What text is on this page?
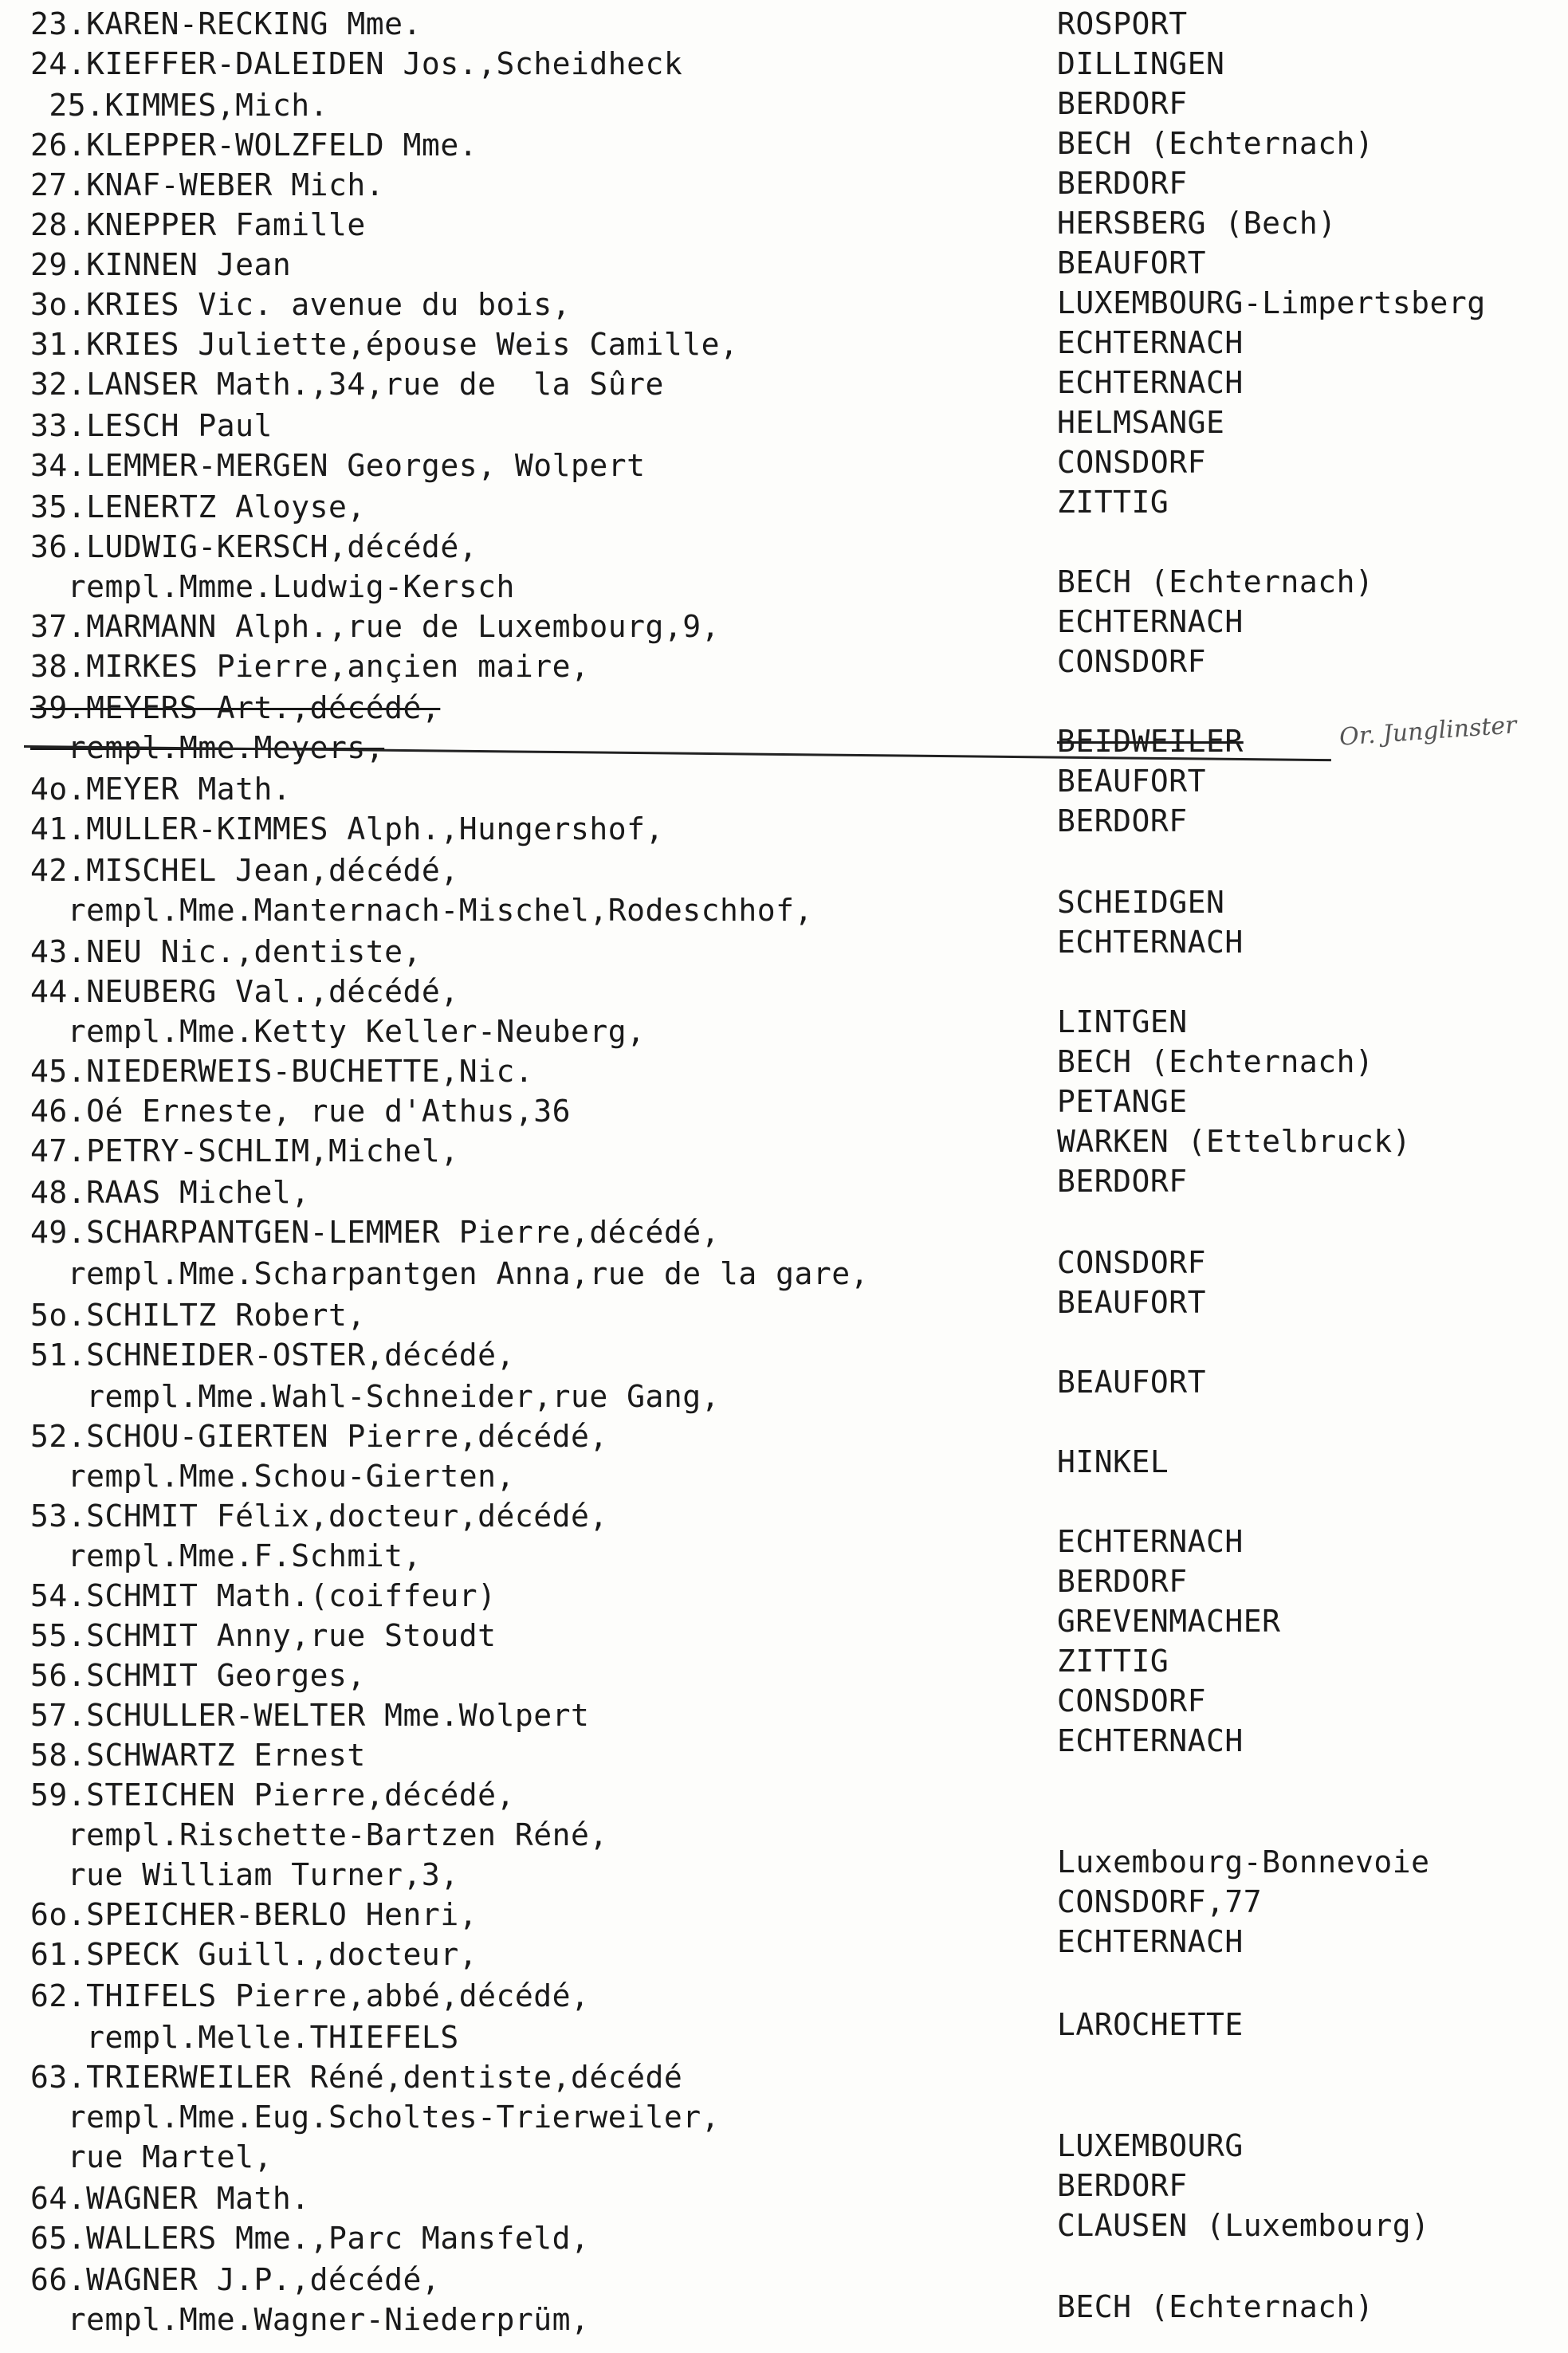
23.KAREN-RECKING Mme.
24.KIEFFER-DALEIDEN Jos.,Scheidheck
25.KIMMES,Mich.
26.KLEPPER-WOLZFELD Mme.
27.KNAF-WEBER Mich.
28.KNEPPER Famille
29.KINNEN Jean
3o.KRIES Vic. avenue du bois,
31.KRIES Juliette,épouse Weis Camille,
32.LANSER Math.,34,rue de  la Sûre
33.LESCH Paul
34.LEMMER-MERGEN Georges, Wolpert
35.LENERTZ Aloyse,
36.LUDWIG-KERSCH,décédé,
rempl.Mmme.Ludwig-Kersch
37.MARMANN Alph.,rue de Luxembourg,9,
38.MIRKES Pierre,ançien maire,
39.MEYERS Art.,décédé,
rempl.Mme.Meyers,
4o.MEYER Math.
41.MULLER-KIMMES Alph.,Hungershof,
42.MISCHEL Jean,décédé,
rempl.Mme.Manternach-Mischel,Rodeschhof,
43.NEU Nic.,dentiste,
44.NEUBERG Val.,décédé,
rempl.Mme.Ketty Keller-Neuberg,
45.NIEDERWEIS-BUCHETTE,Nic.
46.Oé Erneste, rue d'Athus,36
47.PETRY-SCHLIM,Michel,
48.RAAS Michel,
49.SCHARPANTGEN-LEMMER Pierre,décédé,
rempl.Mme.Scharpantgen Anna,rue de la gare,
5o.SCHILTZ Robert,
51.SCHNEIDER-OSTER,décédé,
rempl.Mme.Wahl-Schneider,rue Gang,
52.SCHOU-GIERTEN Pierre,décédé,
rempl.Mme.Schou-Gierten,
53.SCHMIT Félix,docteur,décédé,
rempl.Mme.F.Schmit,
54.SCHMIT Math.(coiffeur)
55.SCHMIT Anny,rue Stoudt
56.SCHMIT Georges,
57.SCHULLER-WELTER Mme.Wolpert
58.SCHWARTZ Ernest
59.STEICHEN Pierre,décédé,
rempl.Rischette-Bartzen Réné,
rue William Turner,3,
6o.SPEICHER-BERLO Henri,
61.SPECK Guill.,docteur,
62.THIFELS Pierre,abbé,décédé,
rempl.Melle.THIEFELS
63.TRIERWEILER Réné,dentiste,décédé
rempl.Mme.Eug.Scholtes-Trierweiler,
rue Martel,
64.WAGNER Math.
65.WALLERS Mme.,Parc Mansfeld,
66.WAGNER J.P.,décédé,
rempl.Mme.Wagner-Niederprüm,
ROSPORT
DILLINGEN
BERDORF
BECH (Echternach)
BERDORF
HERSBERG (Bech)
BEAUFORT
LUXEMBOURG-Limpertsberg
ECHTERNACH
ECHTERNACH
HELMSANGE
CONSDORF
ZITTIG
BECH (Echternach)
ECHTERNACH
CONSDORF
BEIDWEILER
BEAUFORT
BERDORF
SCHEIDGEN
ECHTERNACH
LINTGEN
BECH (Echternach)
PETANGE
WARKEN (Ettelbruck)
BERDORF
CONSDORF
BEAUFORT
BEAUFORT
HINKEL
ECHTERNACH
BERDORF
GREVENMACHER
ZITTIG
CONSDORF
ECHTERNACH
Luxembourg-Bonnevoie
CONSDORF,77
ECHTERNACH
LAROCHETTE
LUXEMBOURG
BERDORF
CLAUSEN (Luxembourg)
BECH (Echternach)
Or. Junglinster
